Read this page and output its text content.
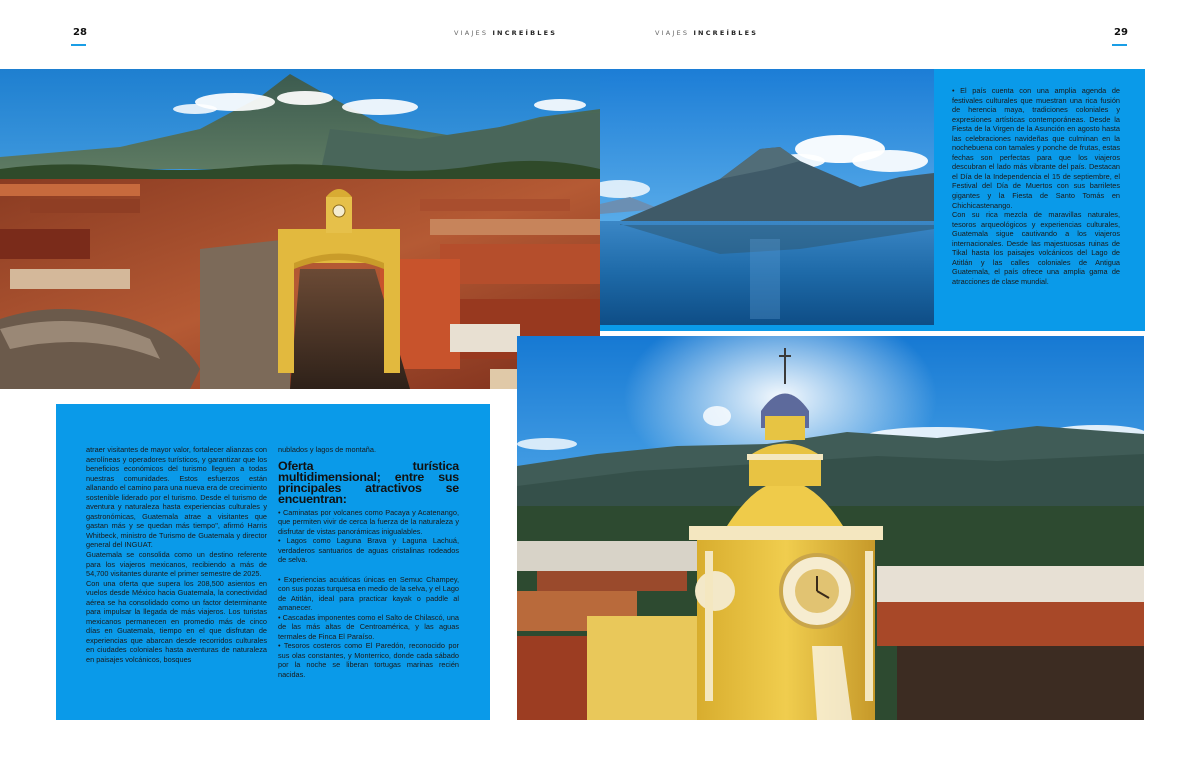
28	VIAJES INCREÍBLES	VIAJES INCREÍBLES	29

• El país cuenta con una amplia agenda de festivales culturales que muestran una rica fusión de herencia maya, tradiciones coloniales y expresiones artísticas contemporáneas. Desde la Fiesta de la Virgen de la Asunción en agosto hasta las celebraciones navideñas que culminan en la nochebuena con tamales y ponche de frutas, estas fechas son perfectas para que los viajeros descubran el lado más vibrante del país. Destacan el Día de la Independencia el 15 de septiembre, el Festival del Día de Muertos con sus barriletes gigantes y la Fiesta de Santo Tomás en Chichicastenango.

Con su rica mezcla de maravillas naturales, tesoros arqueológicos y experiencias culturales, Guatemala sigue cautivando a los viajeros internacionales. Desde las majestuosas ruinas de Tikal hasta los paisajes volcánicos del Lago de Atitlán y las calles coloniales de Antigua Guatemala, el país ofrece una amplia gama de atracciones de clase mundial.

atraer visitantes de mayor valor, fortalecer alianzas con aerolíneas y operadores turísticos, y garantizar que los beneficios económicos del turismo lleguen a todas nuestras comunidades. Estos esfuerzos están allanando el camino para una nueva era de crecimiento sostenible liderado por el turismo. Desde el turismo de aventura y naturaleza hasta experiencias culturales y gastronómicas, Guatemala atrae a visitantes que gastan más y se quedan más tiempo", afirmó Harris Whitbeck, ministro de Turismo de Guatemala y director general del INGUAT.

Guatemala se consolida como un destino referente para los viajeros mexicanos, recibiendo a más de 54,700 visitantes durante el primer semestre de 2025.

Con una oferta que supera los 208,500 asientos en vuelos desde México hacia Guatemala, la conectividad aérea se ha consolidado como un factor determinante para impulsar la llegada de más viajeros. Los turistas mexicanos permanecen en promedio más de cinco días en Guatemala, tiempo en el que disfrutan de experiencias que abarcan desde recorridos culturales en ciudades coloniales hasta aventuras de naturaleza en paisajes volcánicos, bosques

nublados y lagos de montaña.

Oferta turística multidimensional; entre sus principales atractivos se encuentran:

• Caminatas por volcanes como Pacaya y Acatenango, que permiten vivir de cerca la fuerza de la naturaleza y disfrutar de vistas panorámicas inigualables.

• Lagos como Laguna Brava y Laguna Lachuá, verdaderos santuarios de aguas cristalinas rodeados de selva.

• Experiencias acuáticas únicas en Semuc Champey, con sus pozas turquesa en medio de la selva, y el Lago de Atitlán, ideal para practicar kayak o paddle al amanecer.

• Cascadas imponentes como el Salto de Chilascó, una de las más altas de Centroamérica, y las aguas termales de Finca El Paraíso.

• Tesoros costeros como El Paredón, reconocido por sus olas constantes, y Monterrico, donde cada sábado por la noche se liberan tortugas marinas recién nacidas.
